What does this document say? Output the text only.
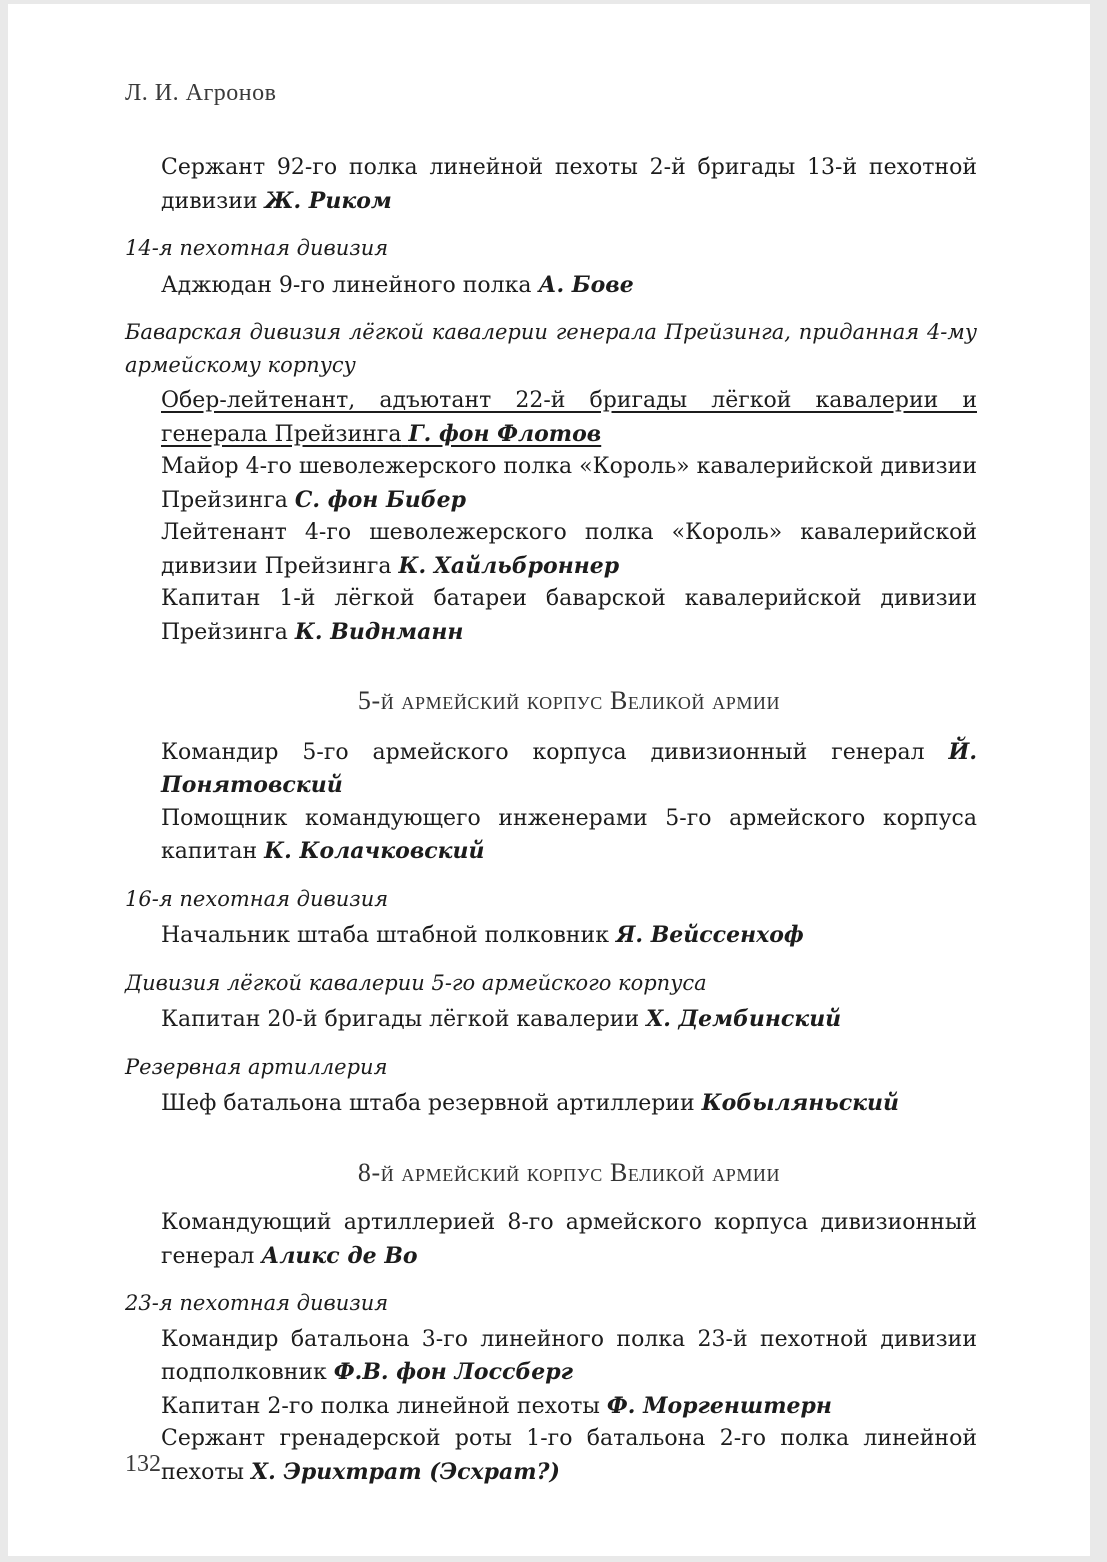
Л. И. Агронов

Сержант 92-го полка линейной пехоты 2-й бригады 13-й пехотной дивизии Ж. Риком

14-я пехотная дивизия

Аджюдан 9-го линейного полка А. Бове

Баварская дивизия лёгкой кавалерии генерала Прейзинга, приданная 4-му армейскому корпусу

Обер-лейтенант, адъютант 22-й бригады лёгкой кавалерии и генерала Прейзинга Г. фон Флотов

Майор 4-го шеволежерского полка «Король» кавалерийской дивизии Прейзинга С. фон Бибер

Лейтенант 4-го шеволежерского полка «Король» кавалерийской дивизии Прейзинга К. Хайльброннер

Капитан 1-й лёгкой батареи баварской кавалерийской дивизии Прейзинга К. Виднманн

5-й армейский корпус Великой армии

Командир 5-го армейского корпуса дивизионный генерал Й. Понятовский

Помощник командующего инженерами 5-го армейского корпуса капитан К. Колачковский

16-я пехотная дивизия

Начальник штаба штабной полковник Я. Вейссенхоф

Дивизия лёгкой кавалерии 5-го армейского корпуса

Капитан 20-й бригады лёгкой кавалерии Х. Дембинский

Резервная артиллерия

Шеф батальона штаба резервной артиллерии Кобыляньский

8-й армейский корпус Великой армии

Командующий артиллерией 8-го армейского корпуса дивизионный генерал Аликс де Во

23-я пехотная дивизия

Командир батальона 3-го линейного полка 23-й пехотной дивизии подполковник Ф.В. фон Лоссберг

Капитан 2-го полка линейной пехоты Ф. Моргенштерн

Сержант гренадерской роты 1-го батальона 2-го полка линейной пехоты Х. Эрихтрат (Эсхрат?)

132
